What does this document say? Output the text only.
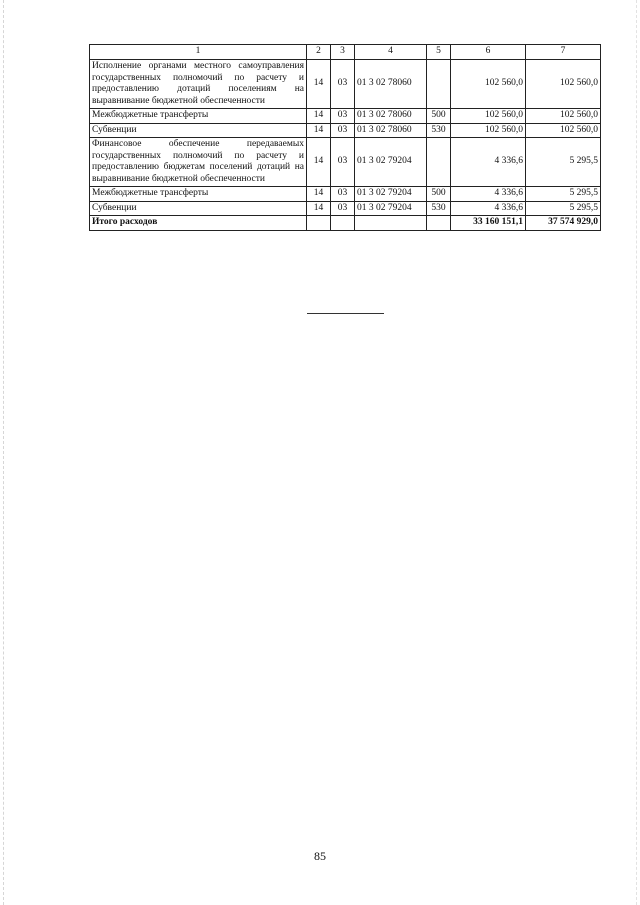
1	2	3	4	5	6	7
Исполнение органами местного самоуправления государственных полномочий по расчету и предоставлению дотаций поселениям на выравнивание бюджетной обеспеченности	14	03	01 3 02 78060		102 560,0	102 560,0
Межбюджетные трансферты	14	03	01 3 02 78060	500	102 560,0	102 560,0
Субвенции	14	03	01 3 02 78060	530	102 560,0	102 560,0
Финансовое обеспечение передаваемых государственных полномочий по расчету и предоставлению бюджетам поселений дотаций на выравнивание бюджетной обеспеченности	14	03	01 3 02 79204		4 336,6	5 295,5
Межбюджетные трансферты	14	03	01 3 02 79204	500	4 336,6	5 295,5
Субвенции	14	03	01 3 02 79204	530	4 336,6	5 295,5
Итого расходов					33 160 151,1	37 574 929,0
85
